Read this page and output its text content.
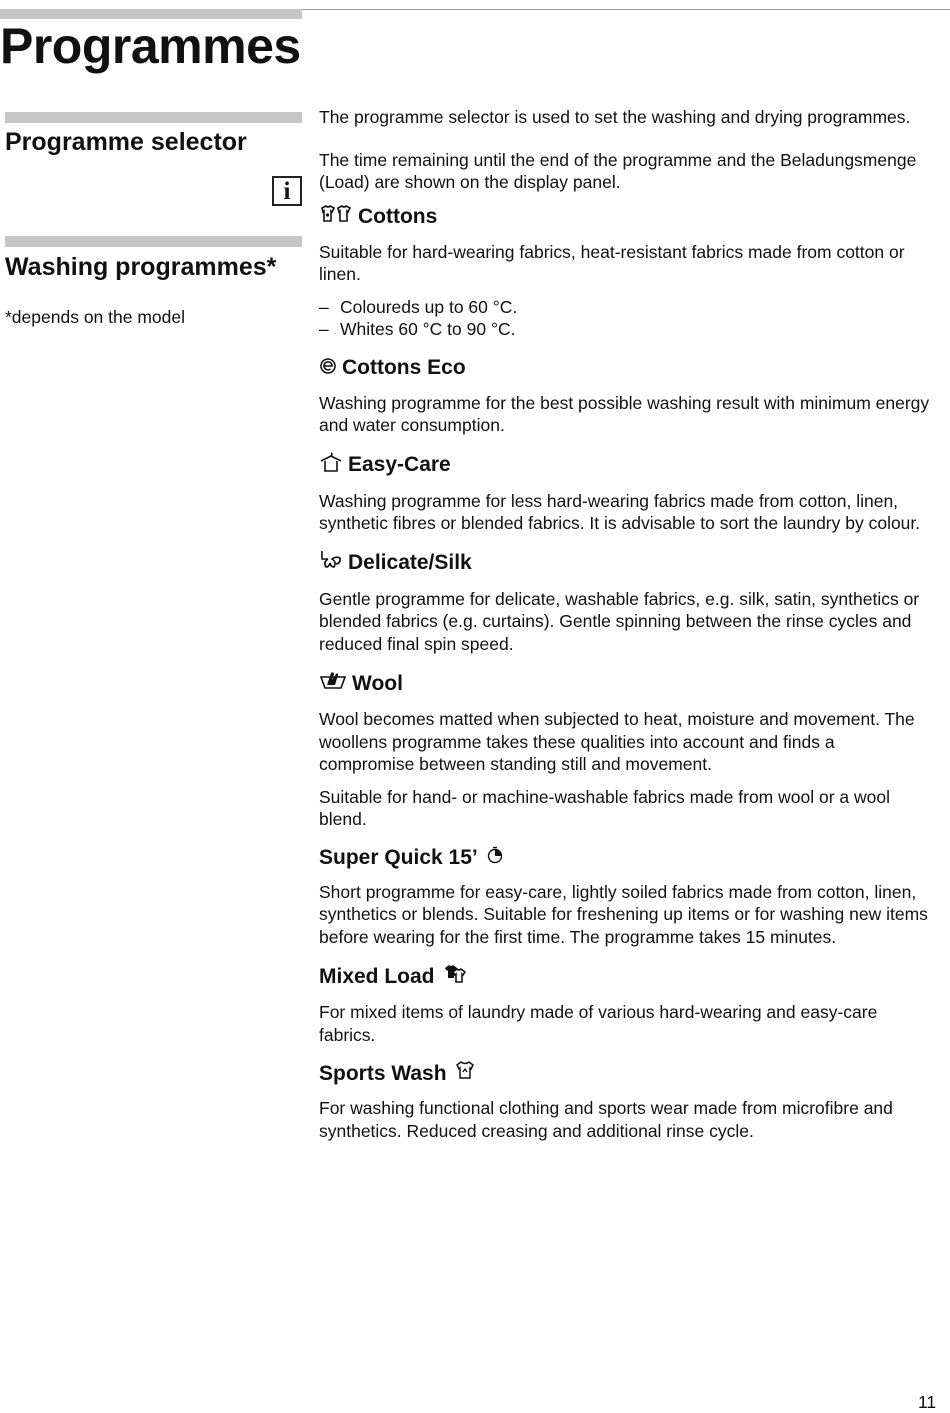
Programmes
Programme selector
i
Washing programmes*
*depends on the model

The programme selector is used to set the washing and drying programmes.

The time remaining until the end of the programme and the Beladungsmenge (Load) are shown on the display panel.

Cottons

Suitable for hard-wearing fabrics, heat-resistant fabrics made from cotton or linen.

– Coloureds up to 60 °C.
– Whites 60 °C to 90 °C.
Cottons Eco

Washing programme for the best possible washing result with minimum energy and water consumption.

Easy-Care

Washing programme for less hard-wearing fabrics made from cotton, linen, synthetic fibres or blended fabrics. It is advisable to sort the laundry by colour.

Delicate/Silk

Gentle programme for delicate, washable fabrics, e.g. silk, satin, synthetics or blended fabrics (e.g. curtains). Gentle spinning between the rinse cycles and reduced final spin speed.

Wool

Wool becomes matted when subjected to heat, moisture and movement. The woollens programme takes these qualities into account and finds a compromise between standing still and movement.

Suitable for hand- or machine-washable fabrics made from wool or a wool blend.

Super Quick 15’

Short programme for easy-care, lightly soiled fabrics made from cotton, linen, synthetics or blends. Suitable for freshening up items or for washing new items before wearing for the first time. The programme takes 15 minutes.

Mixed Load

For mixed items of laundry made of various hard-wearing and easy-care fabrics.

Sports Wash

For washing functional clothing and sports wear made from microfibre and synthetics. Reduced creasing and additional rinse cycle.

11
